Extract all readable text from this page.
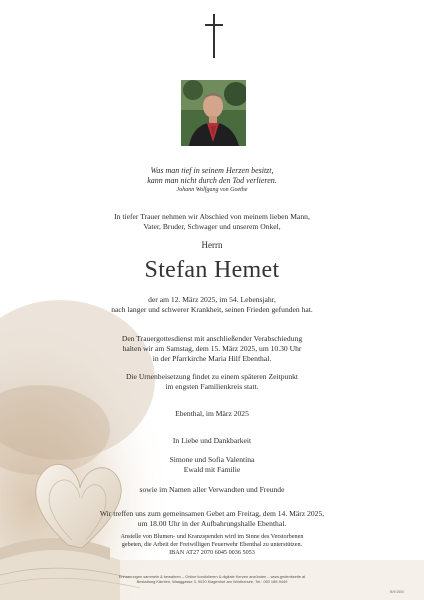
Was man tief in seinem Herzen besitzt,

kann man nicht durch den Tod verlieren.

Johann Wolfgang von Goethe

In tiefer Trauer nehmen wir Abschied von meinem lieben Mann,

Vater, Bruder, Schwager und unserem Onkel,

Herrn
Stefan Hemet

der am 12. März 2025, im 54. Lebensjahr,

nach langer und schwerer Krankheit, seinen Frieden gefunden hat.

Den Trauergottesdienst mit anschließender Verabschiedung

halten wir am Samstag, dem 15. März 2025, um 10.30 Uhr

in der Pfarrkirche Maria Hilf Ebenthal.

Die Urnenbeisetzung findet zu einem späteren Zeitpunkt

im engsten Familienkreis statt.

Ebenthal, im März 2025
In Liebe und Dankbarkeit

Simone und Sofia Valentina

Ewald mit Familie

sowie im Namen aller Verwandten und Freunde

Wir treffen uns zum gemeinsamen Gebet am Freitag, dem 14. März 2025,

um 18.00 Uhr in der Aufbahrungshalle Ebenthal.

Anstelle von Blumen- und Kranzspenden wird im Sinne des Verstorbenen

gebeten, die Arbeit der Freiwilligen Feuerwehr Ebenthal zu unterstützen.

IBAN AT27 2070 6045 0036 5053

Erinnerungen sammeln & bewahren – Online kondolieren & digitale Kerzen anzünden – www.gedenkseite.at

Bestattung Kärnten, Waaggasse 3, 9020 Klagenfurt am Wörthersee, Tel.: 050 189-9449

B/9/1500
